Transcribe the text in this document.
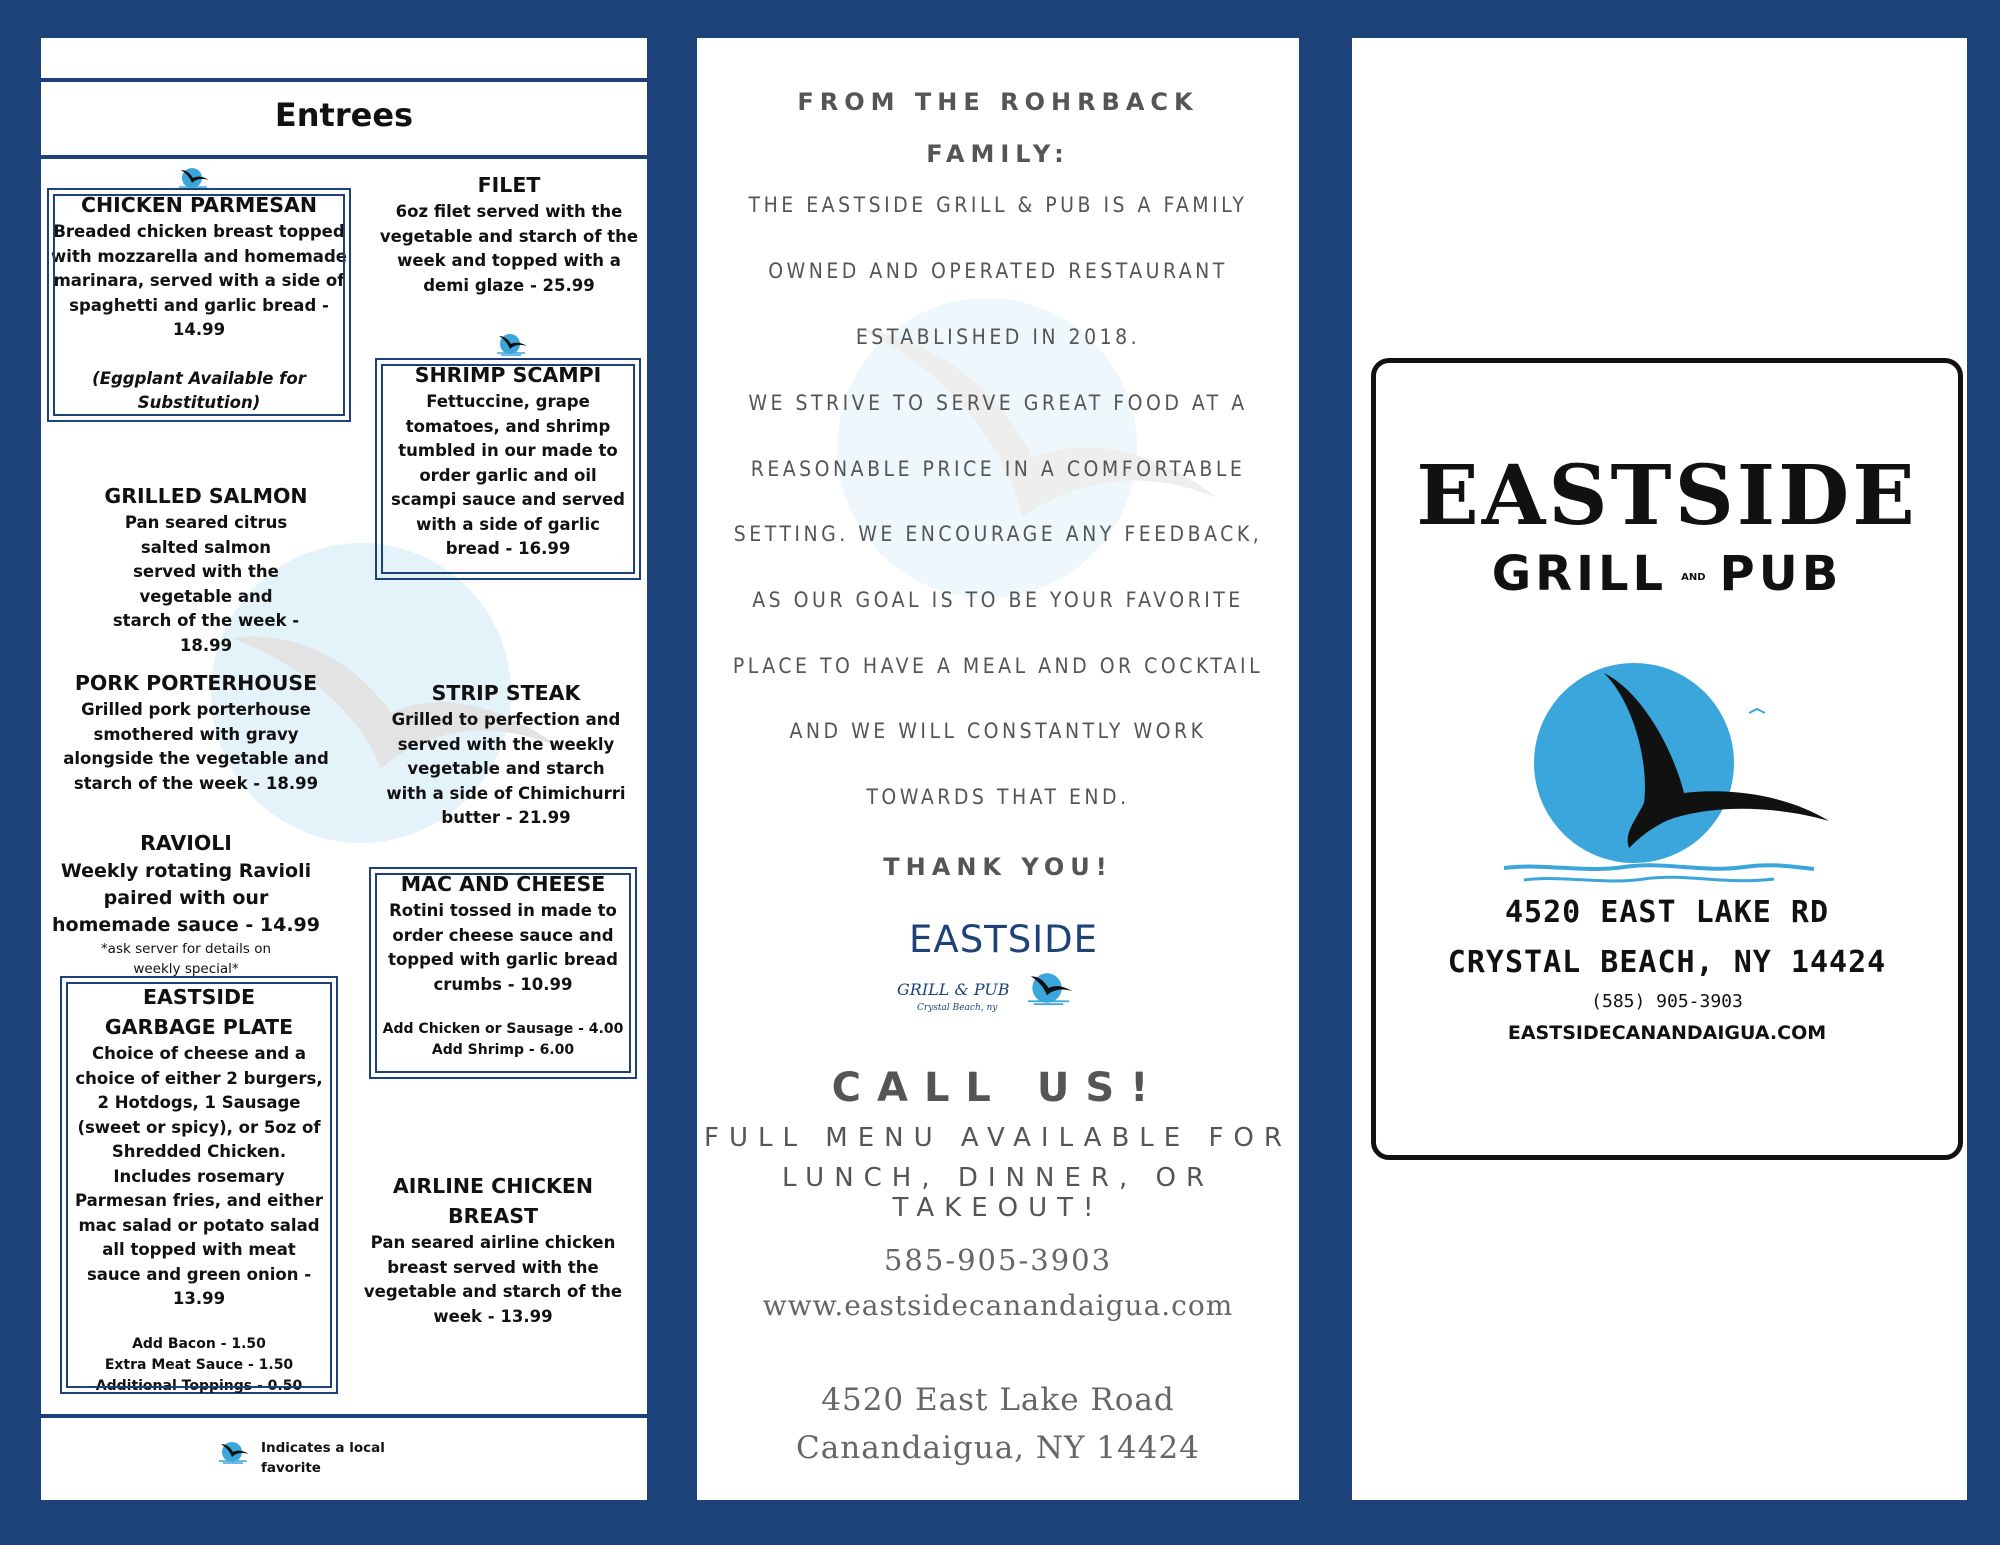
Entrees
CHICKEN PARMESAN
Breaded chicken breast topped with mozzarella and homemade marinara, served with a side of spaghetti and garlic bread - 14.99
(Eggplant Available for Substitution)
FILET
6oz filet served with the vegetable and starch of the week and topped with a demi glaze - 25.99
SHRIMP SCAMPI
Fettuccine, grape tomatoes, and shrimp tumbled in our made to order garlic and oil scampi sauce and served with a side of garlic bread - 16.99
GRILLED SALMON
Pan seared citrus salted salmon served with the vegetable and starch of the week - 18.99
PORK PORTERHOUSE
Grilled pork porterhouse smothered with gravy alongside the vegetable and starch of the week - 18.99
STRIP STEAK
Grilled to perfection and served with the weekly vegetable and starch with a side of Chimichurri butter - 21.99
RAVIOLI
Weekly rotating Ravioli paired with our homemade sauce - 14.99
*ask server for details on weekly special*
MAC AND CHEESE
Rotini tossed in made to order cheese sauce and topped with garlic bread crumbs - 10.99
Add Chicken or Sausage - 4.00
Add Shrimp - 6.00
EASTSIDE
GARBAGE PLATE
Choice of cheese and a choice of either 2 burgers, 2 Hotdogs, 1 Sausage (sweet or spicy), or 5oz of Shredded Chicken. Includes rosemary Parmesan fries, and either mac salad or potato salad all topped with meat sauce and green onion - 13.99
Add Bacon - 1.50
Extra Meat Sauce - 1.50
Additional Toppings - 0.50
AIRLINE CHICKEN
BREAST
Pan seared airline chicken breast served with the vegetable and starch of the week - 13.99
Indicates a local favorite
FROM THE ROHRBACK
FAMILY:
THE EASTSIDE GRILL & PUB IS A FAMILY
OWNED AND OPERATED RESTAURANT
ESTABLISHED IN 2018.
WE STRIVE TO SERVE GREAT FOOD AT A
REASONABLE PRICE IN A COMFORTABLE
SETTING. WE ENCOURAGE ANY FEEDBACK,
AS OUR GOAL IS TO BE YOUR FAVORITE
PLACE TO HAVE A MEAL AND OR COCKTAIL
AND WE WILL CONSTANTLY WORK
TOWARDS THAT END.
THANK YOU!
EASTSIDE
GRILL & PUB
Crystal Beach, ny
CALL US!
FULL MENU AVAILABLE FOR
LUNCH, DINNER, OR TAKEOUT!
585-905-3903
www.eastsidecanandaigua.com
4520 East Lake Road
Canandaigua, NY 14424
EASTSIDE
GRILL AND PUB
4520 EAST LAKE RD
CRYSTAL BEACH, NY 14424
(585) 905-3903
EASTSIDECANANDAIGUA.COM
